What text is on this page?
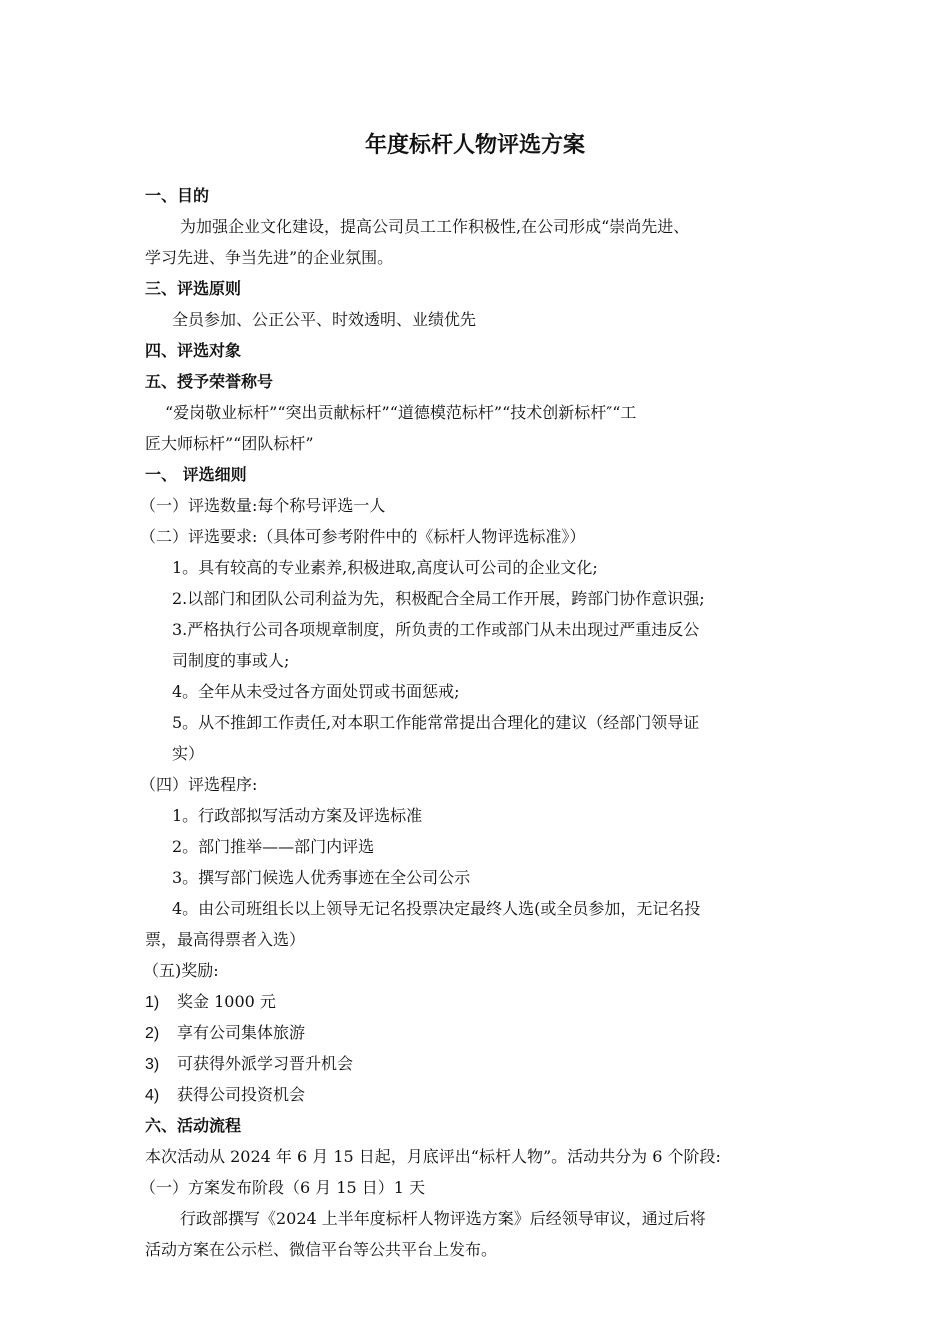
年度标杆人物评选方案
一、目的
为加强企业文化建设，提高公司员工工作积极性,在公司形成“崇尚先进、
学习先进、争当先进”的企业氛围。
三、评选原则
全员参加、公正公平、时效透明、业绩优先
四、评选对象
五、授予荣誉称号
“爱岗敬业标杆”“突出贡献标杆”“道德模范标杆”“技术创新标杆″“工
匠大师标杆”“团队标杆”
一、 评选细则
（一）评选数量:每个称号评选一人
（二）评选要求:（具体可参考附件中的《标杆人物评选标准》）
1。具有较高的专业素养,积极进取,高度认可公司的企业文化;
2.以部门和团队公司利益为先，积极配合全局工作开展，跨部门协作意识强;
3.严格执行公司各项规章制度，所负责的工作或部门从未出现过严重违反公
司制度的事或人;
4。全年从未受过各方面处罚或书面惩戒;
5。从不推卸工作责任,对本职工作能常常提出合理化的建议（经部门领导证
实）
（四）评选程序:
1。行政部拟写活动方案及评选标准
2。部门推举——部门内评选
3。撰写部门候选人优秀事迹在全公司公示
4。由公司班组长以上领导无记名投票决定最终人选(或全员参加，无记名投
票，最高得票者入选）
（五)奖励:
1) 奖金 1000 元
2) 享有公司集体旅游
3) 可获得外派学习晋升机会
4) 获得公司投资机会
六、活动流程
本次活动从 2024 年 6 月 15 日起，月底评出“标杆人物”。活动共分为 6 个阶段:
（一）方案发布阶段（6 月 15 日）1 天
行政部撰写《2024 上半年度标杆人物评选方案》后经领导审议，通过后将
活动方案在公示栏、微信平台等公共平台上发布。
